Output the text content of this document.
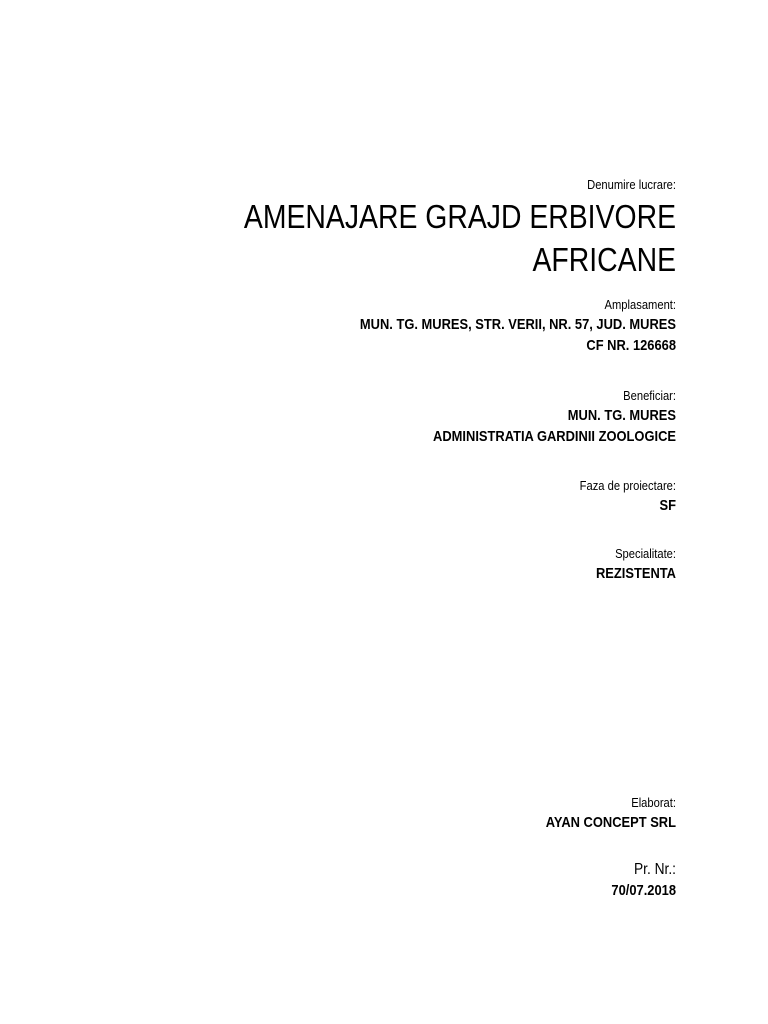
Denumire lucrare:
AMENAJARE GRAJD ERBIVORE
AFRICANE
Amplasament:
MUN. TG. MURES, STR. VERII, NR. 57, JUD. MURES
CF NR. 126668
Beneficiar:
MUN. TG. MURES
ADMINISTRATIA GARDINII ZOOLOGICE
Faza de proiectare:
SF
Specialitate:
REZISTENTA
Elaborat:
AYAN CONCEPT SRL
Pr. Nr.:
70/07.2018
